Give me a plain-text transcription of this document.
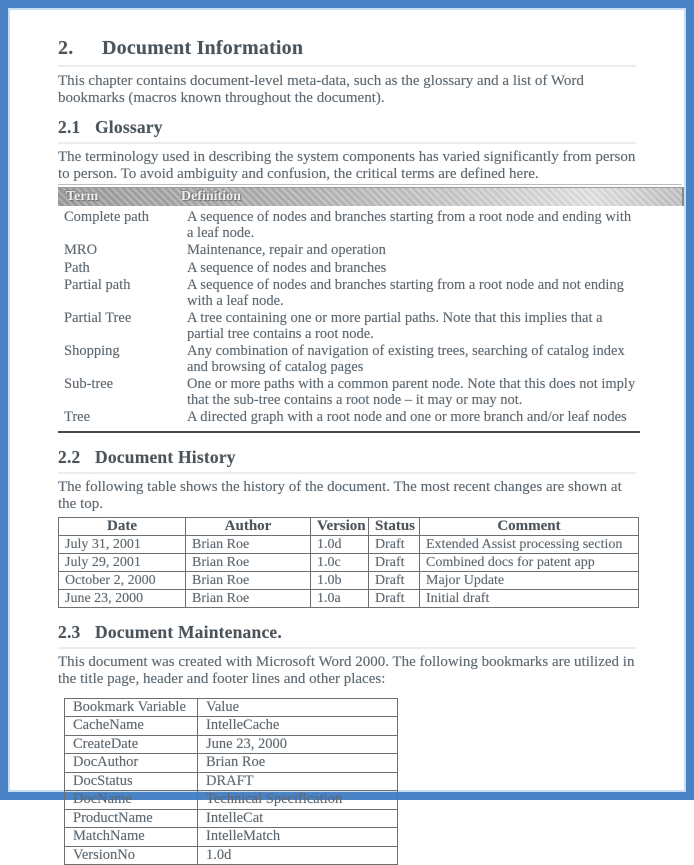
2. Document Information

This chapter contains document-level meta-data, such as the glossary and a list of Word bookmarks (macros known throughout the document).

2.1 Glossary

The terminology used in describing the system components has varied significantly from person to person. To avoid ambiguity and confusion, the critical terms are defined here.

Term	Definition
Complete path	A sequence of nodes and branches starting from a root node and ending with a leaf node.
MRO	Maintenance, repair and operation
Path	A sequence of nodes and branches
Partial path	A sequence of nodes and branches starting from a root node and not ending with a leaf node.
Partial Tree	A tree containing one or more partial paths. Note that this implies that a partial tree contains a root node.
Shopping	Any combination of navigation of existing trees, searching of catalog index and browsing of catalog pages
Sub-tree	One or more paths with a common parent node. Note that this does not imply that the sub-tree contains a root node – it may or may not.
Tree	A directed graph with a root node and one or more branch and/or leaf nodes
2.2 Document History

The following table shows the history of the document. The most recent changes are shown at the top.

Date	Author	Version	Status	Comment
July 31, 2001	Brian Roe	1.0d	Draft	Extended Assist processing section
July 29, 2001	Brian Roe	1.0c	Draft	Combined docs for patent app
October 2, 2000	Brian Roe	1.0b	Draft	Major Update
June 23, 2000	Brian Roe	1.0a	Draft	Initial draft
2.3 Document Maintenance.

This document was created with Microsoft Word 2000. The following bookmarks are utilized in the title page, header and footer lines and other places:

Bookmark Variable	Value
CacheName	IntelleCache
CreateDate	June 23, 2000
DocAuthor	Brian Roe
DocStatus	DRAFT
DocName	Technical Specification
ProductName	IntelleCat
MatchName	IntelleMatch
VersionNo	1.0d
